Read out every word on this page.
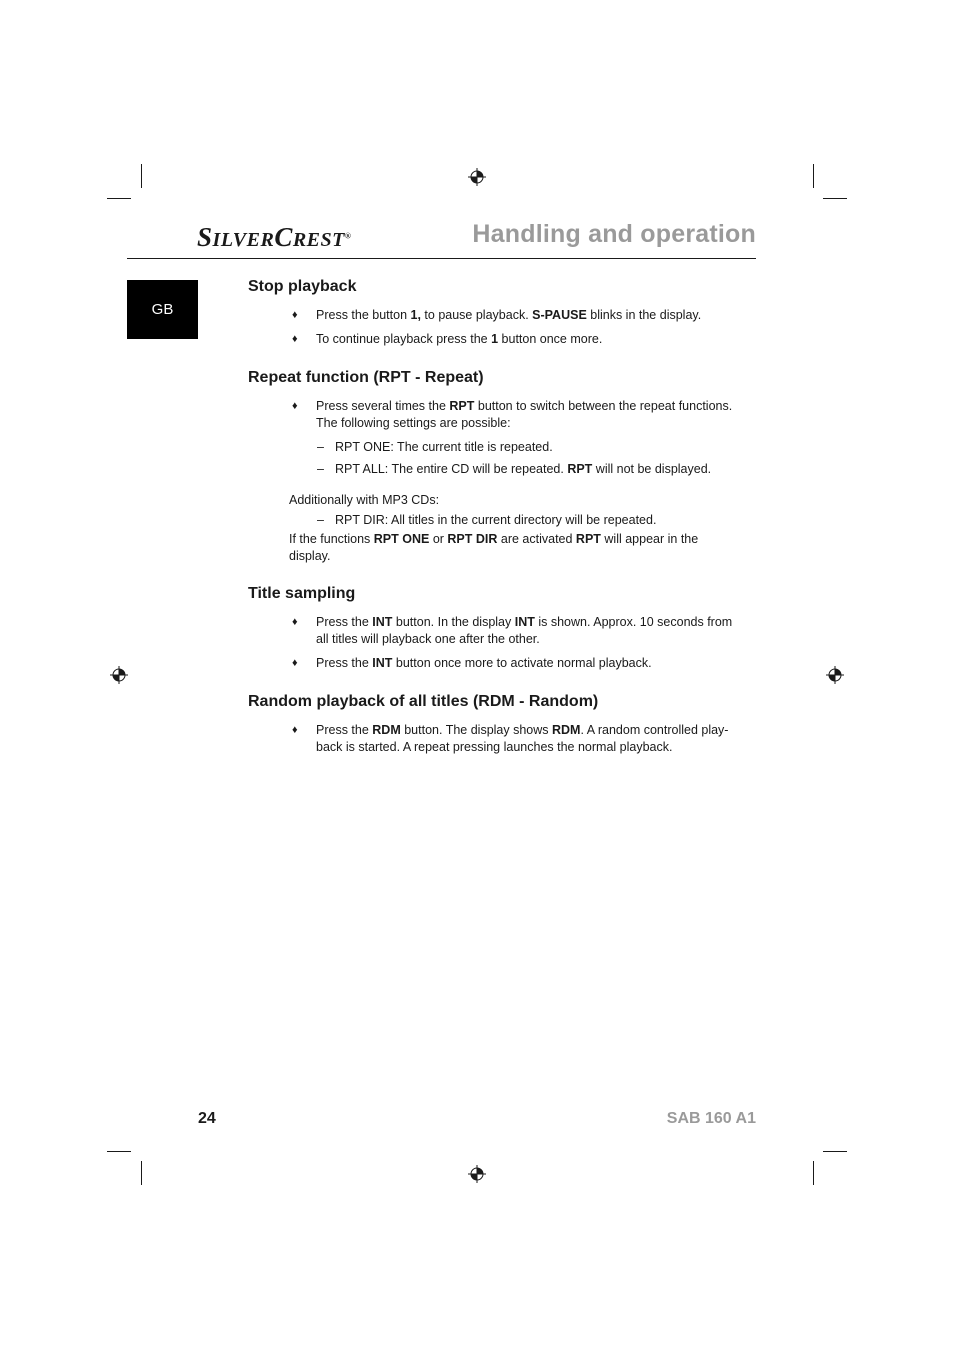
SILVERCREST®	Handling and operation
GB
Stop playback

♦ Press the button 1, to pause playback. S-PAUSE blinks in the display.

♦ To continue playback press the 1 button once more.

Repeat function (RPT - Repeat)

♦ Press several times the RPT button to switch between the repeat functions. The following settings are possible:

– RPT ONE: The current title is repeated.

– RPT ALL: The entire CD will be repeated. RPT will not be displayed.

Additionally with MP3 CDs:

– RPT DIR: All titles in the current directory will be repeated.

If the functions RPT ONE or RPT DIR are activated RPT will appear in the display.

Title sampling

♦ Press the INT button. In the display INT is shown. Approx. 10 seconds from all titles will playback one after the other.

♦ Press the INT button once more to activate normal playback.

Random playback of all titles (RDM - Random)

♦ Press the RDM button. The display shows RDM. A random controlled play-back is started. A repeat pressing launches the normal playback.

24	SAB 160 A1
